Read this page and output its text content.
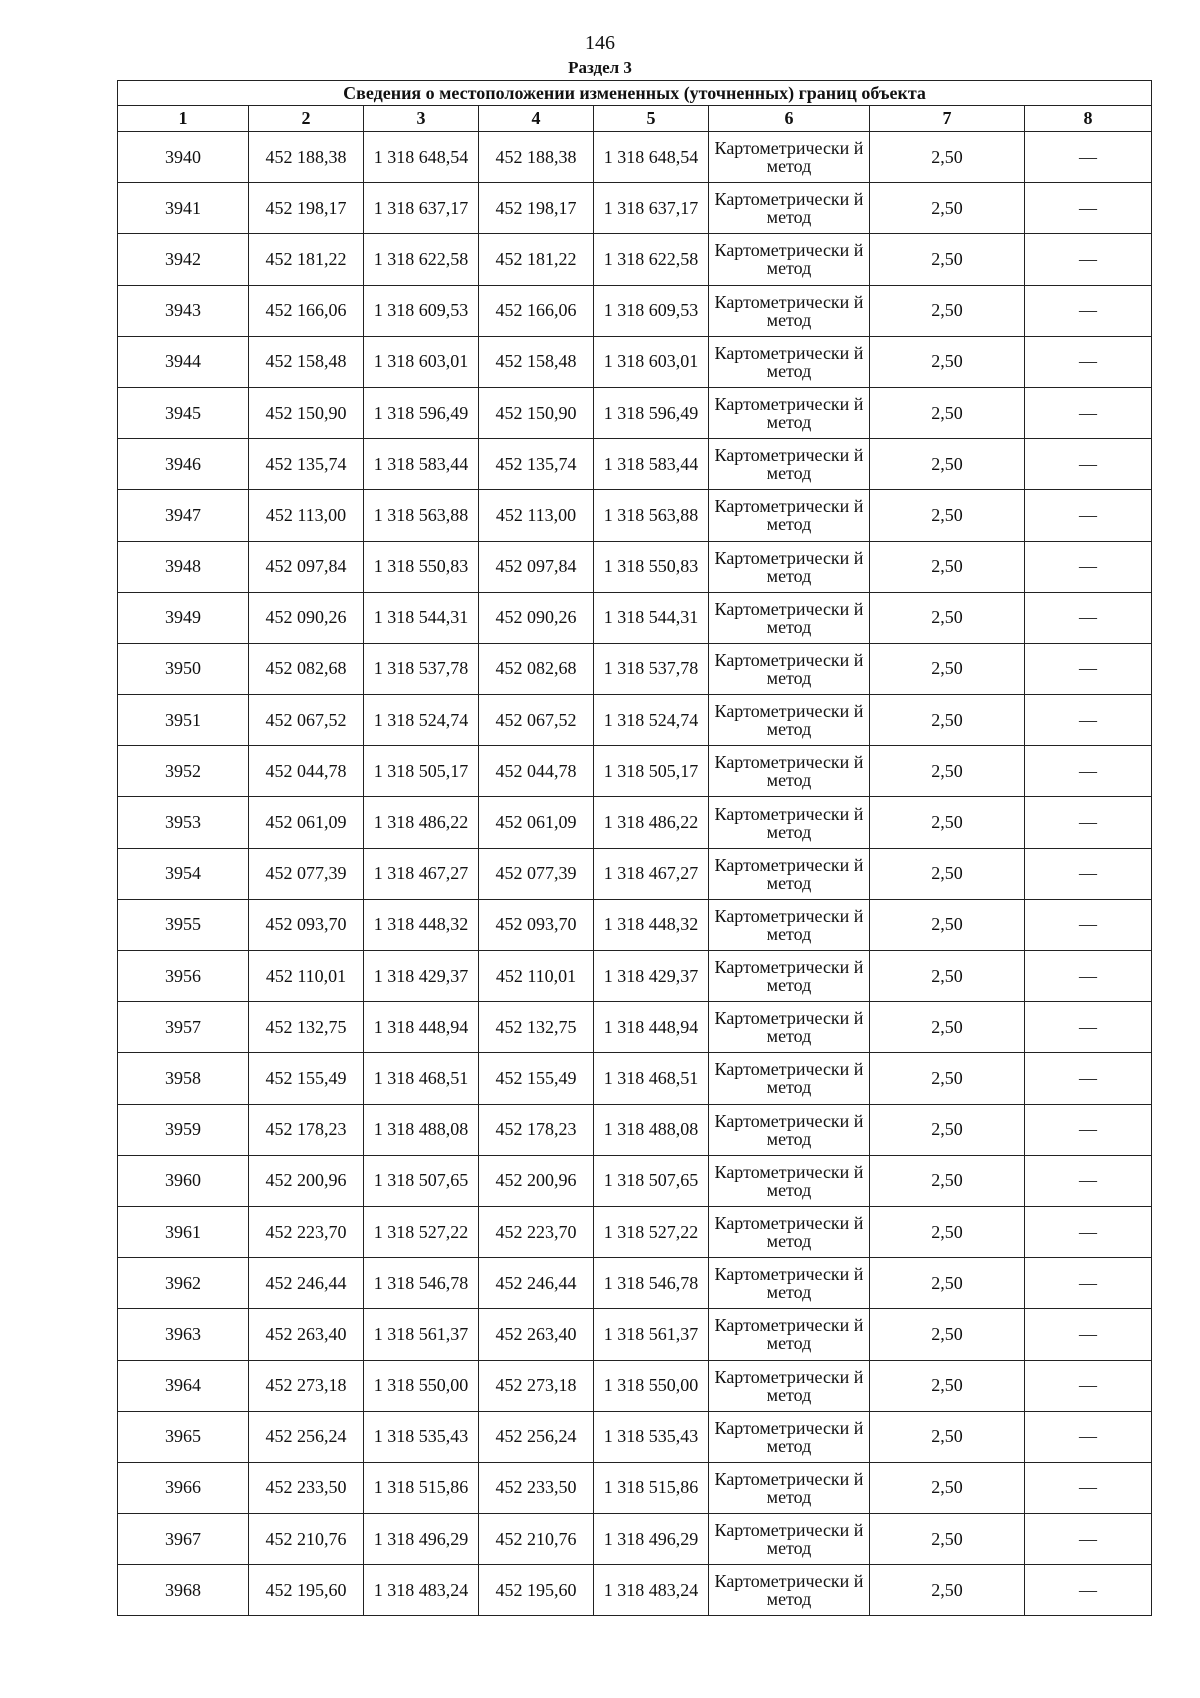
146
Раздел 3
Сведения о местоположении измененных (уточненных) границ объекта							
1	2	3	4	5	6	7	8
3940	452 188,38	1 318 648,54	452 188,38	1 318 648,54	Картометрически й метод	2,50	—
3941	452 198,17	1 318 637,17	452 198,17	1 318 637,17	Картометрически й метод	2,50	—
3942	452 181,22	1 318 622,58	452 181,22	1 318 622,58	Картометрически й метод	2,50	—
3943	452 166,06	1 318 609,53	452 166,06	1 318 609,53	Картометрически й метод	2,50	—
3944	452 158,48	1 318 603,01	452 158,48	1 318 603,01	Картометрически й метод	2,50	—
3945	452 150,90	1 318 596,49	452 150,90	1 318 596,49	Картометрически й метод	2,50	—
3946	452 135,74	1 318 583,44	452 135,74	1 318 583,44	Картометрически й метод	2,50	—
3947	452 113,00	1 318 563,88	452 113,00	1 318 563,88	Картометрически й метод	2,50	—
3948	452 097,84	1 318 550,83	452 097,84	1 318 550,83	Картометрически й метод	2,50	—
3949	452 090,26	1 318 544,31	452 090,26	1 318 544,31	Картометрически й метод	2,50	—
3950	452 082,68	1 318 537,78	452 082,68	1 318 537,78	Картометрически й метод	2,50	—
3951	452 067,52	1 318 524,74	452 067,52	1 318 524,74	Картометрически й метод	2,50	—
3952	452 044,78	1 318 505,17	452 044,78	1 318 505,17	Картометрически й метод	2,50	—
3953	452 061,09	1 318 486,22	452 061,09	1 318 486,22	Картометрически й метод	2,50	—
3954	452 077,39	1 318 467,27	452 077,39	1 318 467,27	Картометрически й метод	2,50	—
3955	452 093,70	1 318 448,32	452 093,70	1 318 448,32	Картометрически й метод	2,50	—
3956	452 110,01	1 318 429,37	452 110,01	1 318 429,37	Картометрически й метод	2,50	—
3957	452 132,75	1 318 448,94	452 132,75	1 318 448,94	Картометрически й метод	2,50	—
3958	452 155,49	1 318 468,51	452 155,49	1 318 468,51	Картометрически й метод	2,50	—
3959	452 178,23	1 318 488,08	452 178,23	1 318 488,08	Картометрически й метод	2,50	—
3960	452 200,96	1 318 507,65	452 200,96	1 318 507,65	Картометрически й метод	2,50	—
3961	452 223,70	1 318 527,22	452 223,70	1 318 527,22	Картометрически й метод	2,50	—
3962	452 246,44	1 318 546,78	452 246,44	1 318 546,78	Картометрически й метод	2,50	—
3963	452 263,40	1 318 561,37	452 263,40	1 318 561,37	Картометрически й метод	2,50	—
3964	452 273,18	1 318 550,00	452 273,18	1 318 550,00	Картометрически й метод	2,50	—
3965	452 256,24	1 318 535,43	452 256,24	1 318 535,43	Картометрически й метод	2,50	—
3966	452 233,50	1 318 515,86	452 233,50	1 318 515,86	Картометрически й метод	2,50	—
3967	452 210,76	1 318 496,29	452 210,76	1 318 496,29	Картометрически й метод	2,50	—
3968	452 195,60	1 318 483,24	452 195,60	1 318 483,24	Картометрически й метод	2,50	—
